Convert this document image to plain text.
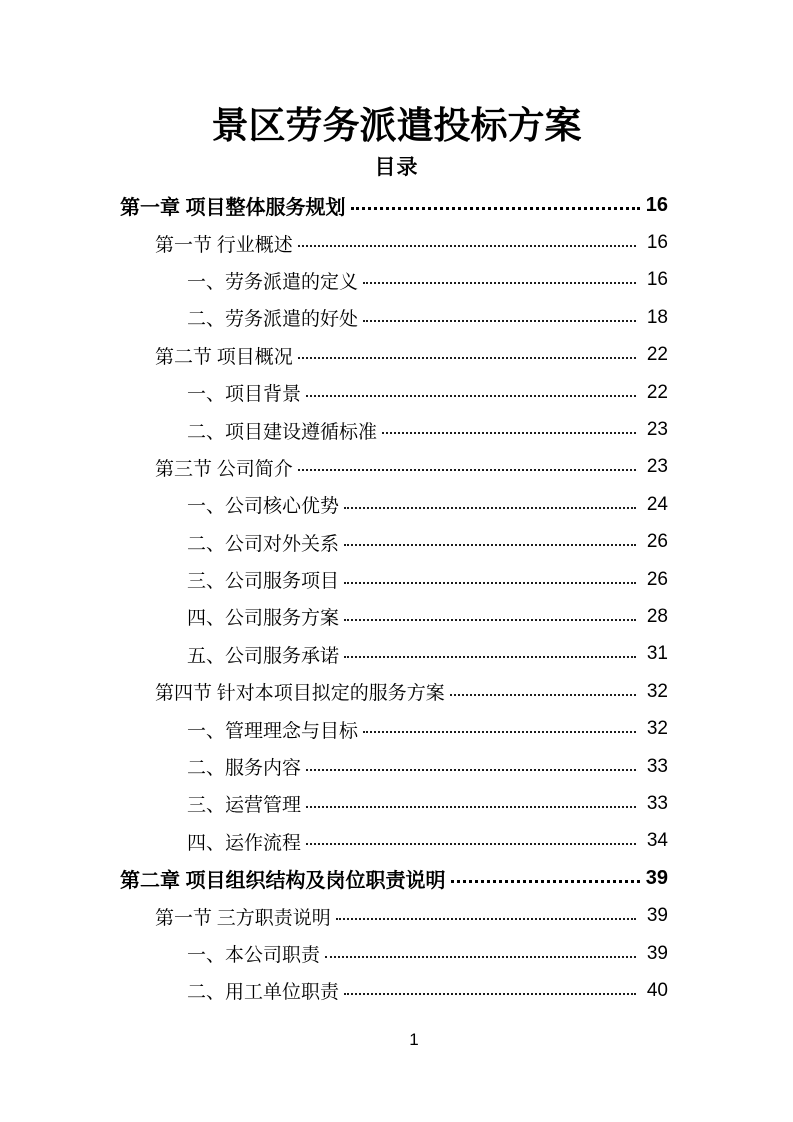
景区劳务派遣投标方案
目录
第一章 项目整体服务规划	16
第一节 行业概述	16
一、劳务派遣的定义	16
二、劳务派遣的好处	18
第二节 项目概况	22
一、项目背景	22
二、项目建设遵循标准	23
第三节 公司简介	23
一、公司核心优势	24
二、公司对外关系	26
三、公司服务项目	26
四、公司服务方案	28
五、公司服务承诺	31
第四节 针对本项目拟定的服务方案	32
一、管理理念与目标	32
二、服务内容	33
三、运营管理	33
四、运作流程	34
第二章 项目组织结构及岗位职责说明	39
第一节 三方职责说明	39
一、本公司职责	39
二、用工单位职责	40
1
